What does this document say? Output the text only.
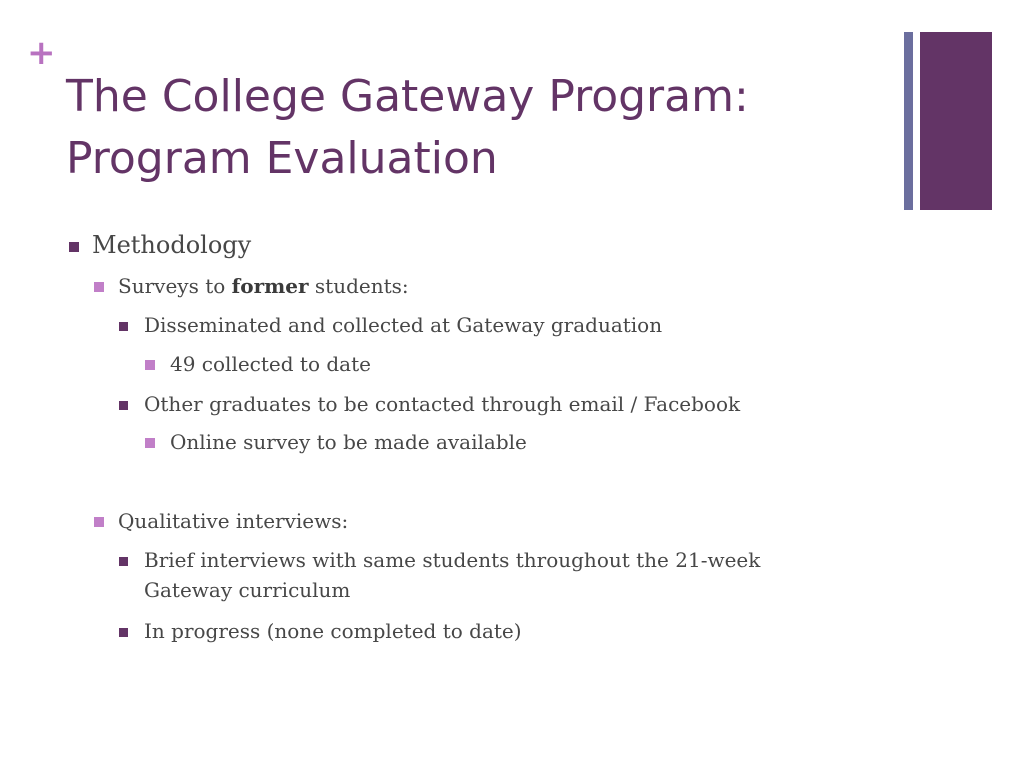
+
The College Gateway Program:
Program Evaluation
Methodology
Surveys to former students:
Disseminated and collected at Gateway graduation
49 collected to date
Other graduates to be contacted through email / Facebook
Online survey to be made available
Qualitative interviews:
Brief interviews with same students throughout the 21-week
Gateway curriculum
In progress (none completed to date)
